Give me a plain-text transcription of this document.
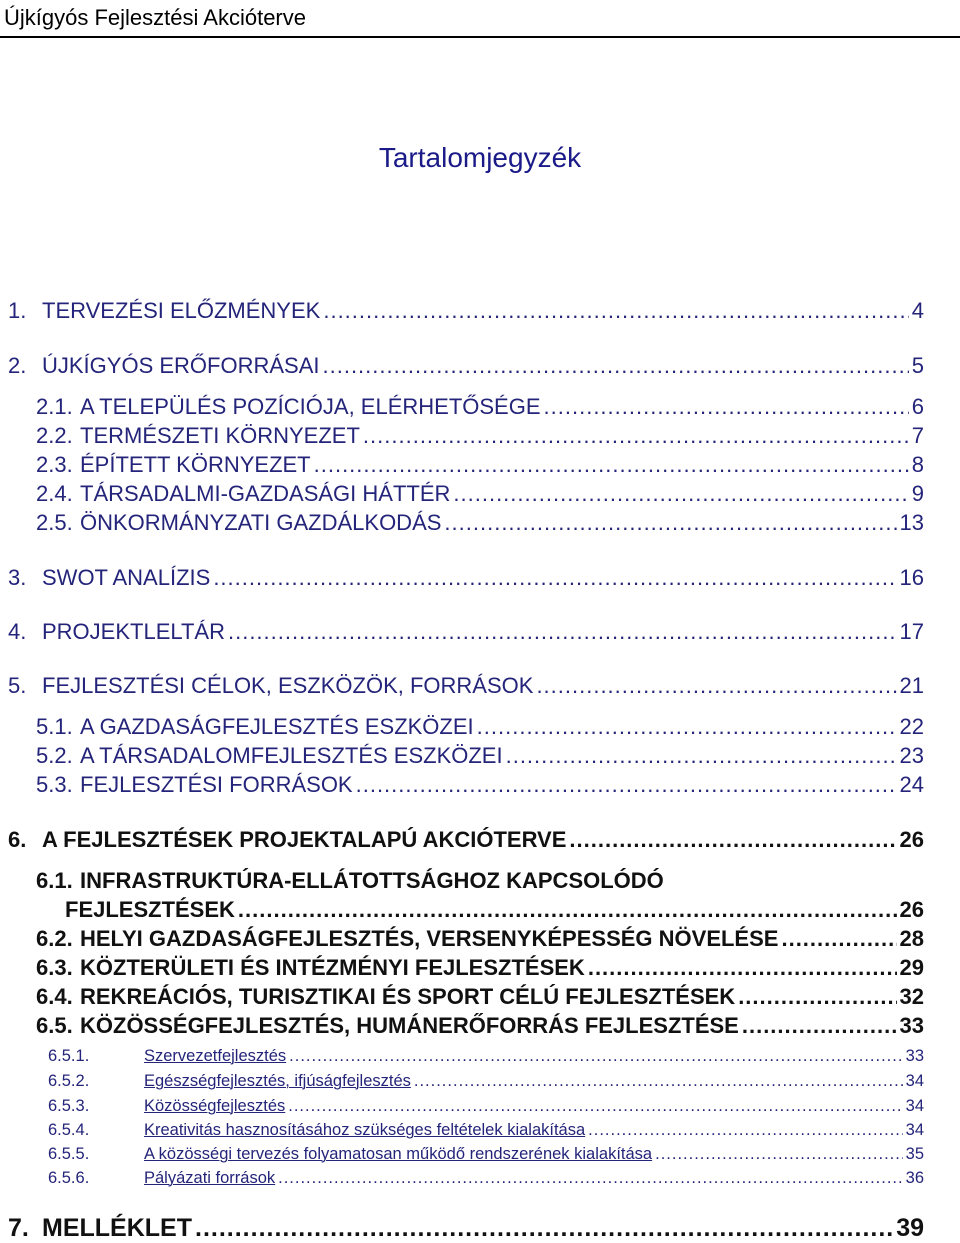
Újkígyós Fejlesztési Akcióterve
Tartalomjegyzék
1. TERVEZÉSI ELŐZMÉNYEK .....	4
2. ÚJKÍGYÓS ERŐFORRÁSAI .....	5
2.1. A TELEPÜLÉS POZÍCIÓJA, ELÉRHETŐSÉGE .....	6
2.2. TERMÉSZETI KÖRNYEZET .....	7
2.3. ÉPÍTETT KÖRNYEZET .....	8
2.4. TÁRSADALMI-GAZDASÁGI HÁTTÉR .....	9
2.5. ÖNKORMÁNYZATI GAZDÁLKODÁS .....	13
3. SWOT ANALÍZIS .....	16
4. PROJEKTLELTÁR .....	17
5. FEJLESZTÉSI CÉLOK, ESZKÖZÖK, FORRÁSOK .....	21
5.1. A GAZDASÁGFEJLESZTÉS ESZKÖZEI .....	22
5.2. A TÁRSADALOMFEJLESZTÉS ESZKÖZEI .....	23
5.3. FEJLESZTÉSI FORRÁSOK .....	24
6. A FEJLESZTÉSEK PROJEKTALAPÚ AKCIÓTERVE .....	26
6.1. INFRASTRUKTÚRA-ELLÁTOTTSÁGHOZ KAPCSOLÓDÓ
FEJLESZTÉSEK .....	26
6.2. HELYI GAZDASÁGFEJLESZTÉS, VERSENYKÉPESSÉG NÖVELÉSE .....	28
6.3. KÖZTERÜLETI ÉS INTÉZMÉNYI FEJLESZTÉSEK .....	29
6.4. REKREÁCIÓS, TURISZTIKAI ÉS SPORT CÉLÚ FEJLESZTÉSEK .....	32
6.5. KÖZÖSSÉGFEJLESZTÉS, HUMÁNERŐFORRÁS FEJLESZTÉSE .....	33
6.5.1.	Szervezetfejlesztés .....	33
6.5.2.	Egészségfejlesztés, ifjúságfejlesztés .....	34
6.5.3.	Közösségfejlesztés .....	34
6.5.4.	Kreativitás hasznosításához szükséges feltételek kialakítása .....	34
6.5.5.	A közösségi tervezés folyamatosan működő rendszerének kialakítása .....	35
6.5.6.	Pályázati források .....	36
7. MELLÉKLET .....	39
